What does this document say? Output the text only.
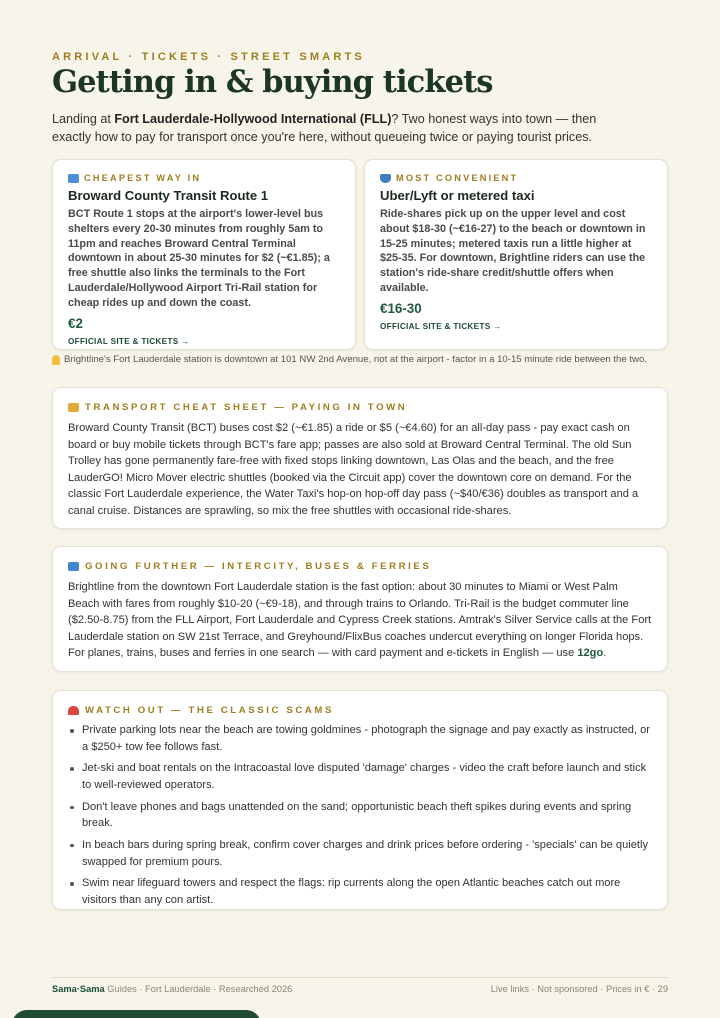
ARRIVAL · TICKETS · STREET SMARTS
Getting in & buying tickets

Landing at Fort Lauderdale-Hollywood International (FLL)? Two honest ways into town — then exactly how to pay for transport once you're here, without queueing twice or paying tourist prices.

CHEAPEST WAY IN
Broward County Transit Route 1
BCT Route 1 stops at the airport's lower-level bus shelters every 20-30 minutes from roughly 5am to 11pm and reaches Broward Central Terminal downtown in about 25-30 minutes for $2 (~€1.85); a free shuttle also links the terminals to the Fort Lauderdale/Hollywood Airport Tri-Rail station for cheap rides up and down the coast.
€2
OFFICIAL SITE & TICKETS →
MOST CONVENIENT
Uber/Lyft or metered taxi
Ride-shares pick up on the upper level and cost about $18-30 (~€16-27) to the beach or downtown in 15-25 minutes; metered taxis run a little higher at $25-35. For downtown, Brightline riders can use the station's ride-share credit/shuttle offers when available.
€16-30
OFFICIAL SITE & TICKETS →
Brightline's Fort Lauderdale station is downtown at 101 NW 2nd Avenue, not at the airport - factor in a 10-15 minute ride between the two.
TRANSPORT CHEAT SHEET — PAYING IN TOWN
Broward County Transit (BCT) buses cost $2 (~€1.85) a ride or $5 (~€4.60) for an all-day pass - pay exact cash on board or buy mobile tickets through BCT's fare app; passes are also sold at Broward Central Terminal. The old Sun Trolley has gone permanently fare-free with fixed stops linking downtown, Las Olas and the beach, and the free LauderGO! Micro Mover electric shuttles (booked via the Circuit app) cover the downtown core on demand. For the classic Fort Lauderdale experience, the Water Taxi's hop-on hop-off day pass (~$40/€36) doubles as transport and a canal cruise. Distances are sprawling, so mix the free shuttles with occasional ride-shares.
GOING FURTHER — INTERCITY, BUSES & FERRIES
Brightline from the downtown Fort Lauderdale station is the fast option: about 30 minutes to Miami or West Palm Beach with fares from roughly $10-20 (~€9-18), and through trains to Orlando. Tri-Rail is the budget commuter line ($2.50-8.75) from the FLL Airport, Fort Lauderdale and Cypress Creek stations. Amtrak's Silver Service calls at the Fort Lauderdale station on SW 21st Terrace, and Greyhound/FlixBus coaches undercut everything on longer Florida hops. For planes, trains, buses and ferries in one search — with card payment and e-tickets in English — use 12go.
WATCH OUT — THE CLASSIC SCAMS
Private parking lots near the beach are towing goldmines - photograph the signage and pay exactly as instructed, or a $250+ tow fee follows fast.
Jet-ski and boat rentals on the Intracoastal love disputed 'damage' charges - video the craft before launch and stick to well-reviewed operators.
Don't leave phones and bags unattended on the sand; opportunistic beach theft spikes during events and spring break.
In beach bars during spring break, confirm cover charges and drink prices before ordering - 'specials' can be quietly swapped for premium pours.
Swim near lifeguard towers and respect the flags: rip currents along the open Atlantic beaches catch out more visitors than any con artist.
Sama·Sama Guides · Fort Lauderdale · Researched 2026	Live links · Not sponsored · Prices in € · 29
